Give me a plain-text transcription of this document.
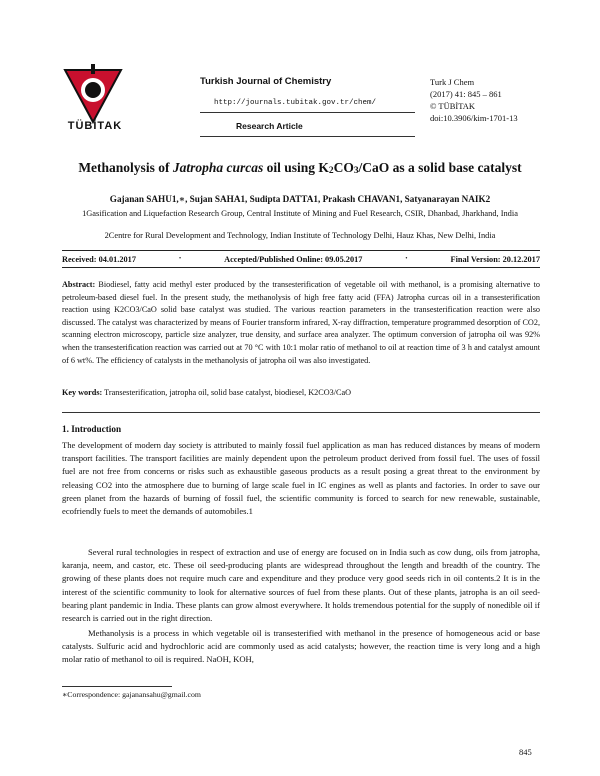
TÜBİTAK
Turkish Journal of Chemistry
http://journals.tubitak.gov.tr/chem/
Research Article
Turk J Chem
(2017) 41: 845 – 861
© TÜBİTAK
doi:10.3906/kim-1701-13
Methanolysis of Jatropha curcas oil using $K_2CO_3$/CaO as a solid base catalyst
Gajanan SAHU1,∗, Sujan SAHA1, Sudipta DATTA1, Prakash CHAVAN1, Satyanarayan NAIK2
1Gasification and Liquefaction Research Group, Central Institute of Mining and Fuel Research, CSIR, Dhanbad, Jharkhand, India
2Centre for Rural Development and Technology, Indian Institute of Technology Delhi, Hauz Khas, New Delhi, India
Received: 04.01.2017	•	Accepted/Published Online: 09.05.2017	•	Final Version: 20.12.2017
Abstract: Biodiesel, fatty acid methyl ester produced by the transesterification of vegetable oil with methanol, is a promising alternative to petroleum-based diesel fuel. In the present study, the methanolysis of high free fatty acid (FFA) Jatropha curcas oil in a transesterification reaction using K2CO3/CaO solid base catalyst was studied. The various reaction parameters in the transesterification reaction were also discussed. The catalyst was characterized by means of Fourier transform infrared, X-ray diffraction, temperature programmed desorption of CO2, scanning electron microscopy, particle size analyzer, true density, and surface area analyzer. The optimum conversion of jatropha oil was 92% when the transesterification reaction was carried out at 70 °C with 10:1 molar ratio of methanol to oil at reaction time of 3 h and catalyst amount of 6 wt%. The efficiency of catalysts in the methanolysis of jatropha oil was also investigated.
Key words: Transesterification, jatropha oil, solid base catalyst, biodiesel, K2CO3/CaO
1. Introduction
The development of modern day society is attributed to mainly fossil fuel application as man has reduced distances by means of modern transport facilities. The transport facilities are mainly dependent upon the petroleum product derived from fossil fuel. The uses of fossil fuel are not free from concerns or risks such as exhaustible gaseous products as a result posing a great threat to the environment by releasing CO2 into the atmosphere due to burning of large scale fuel in IC engines as well as plants and factories. In order to save our green planet from the hazards of burning of fossil fuel, the scientific community is forced to search for new renewable, sustainable, ecofriendly fuels to meet the demands of automobiles.1
Several rural technologies in respect of extraction and use of energy are focused on in India such as cow dung, oils from jatropha, karanja, neem, and castor, etc. These oil seed-producing plants are widespread throughout the length and breadth of the country. The growing of these plants does not require much care and expenditure and they produce very good seeds rich in oil contents.2 It is in the interest of the scientific community to look for alternative sources of fuel from these plants. Out of these plants, jatropha is an oil seed-bearing plant pandemic in India. These plants can grow almost everywhere. It holds tremendous potential for the supply of nonedible oil if research is carried out in the right direction.
Methanolysis is a process in which vegetable oil is transesterified with methanol in the presence of homogeneous acid or base catalysts. Sulfuric acid and hydrochloric acid are commonly used as acid catalysts; however, the reaction time is very long and a high molar ratio of methanol to oil is required. NaOH, KOH,
∗Correspondence: gajanansahu@gmail.com
845
